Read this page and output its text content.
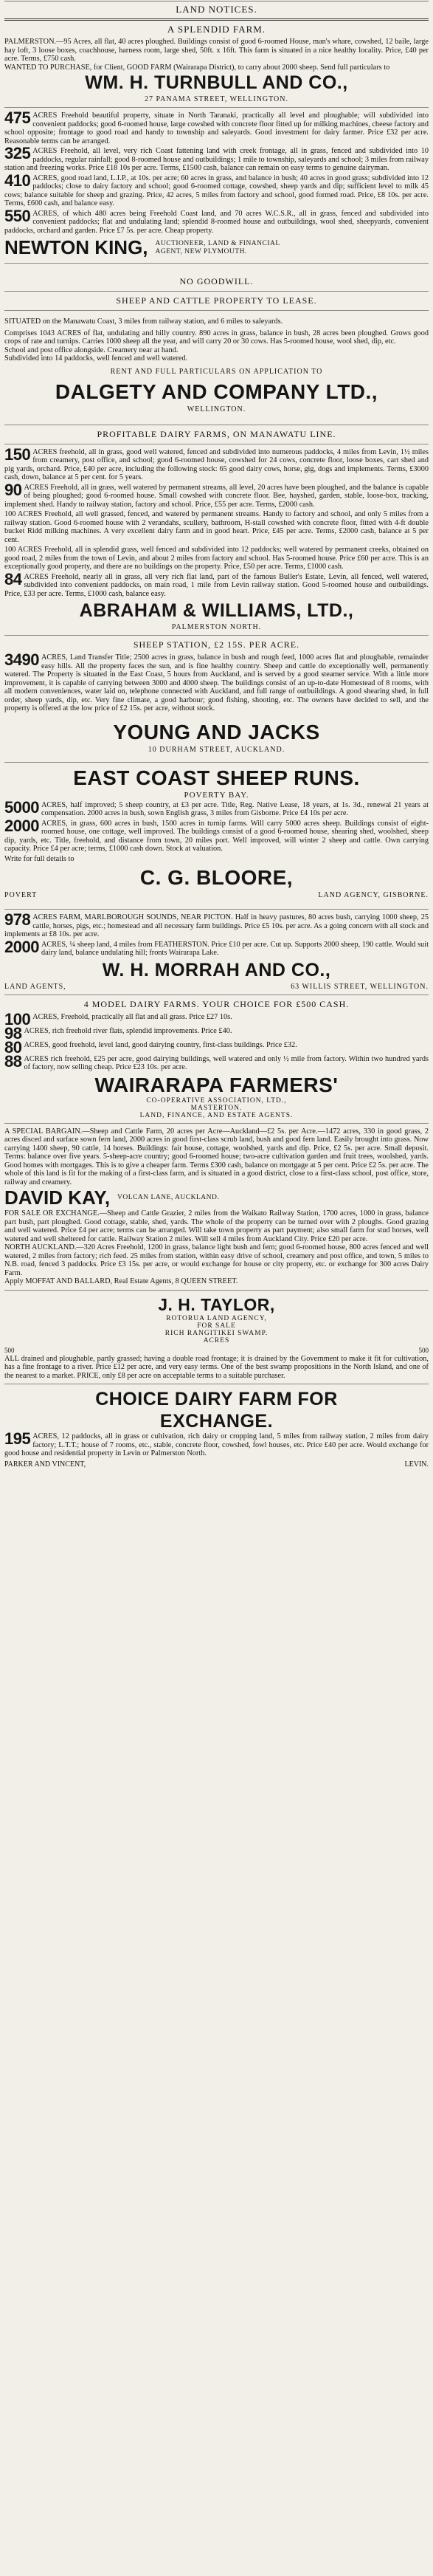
LAND NOTICES.
A SPLENDID FARM.

PALMERSTON.—95 Acres, all flat, 40 acres ploughed. Buildings consist of good 6-roomed House, man's whare, cowshed, 12 baile, large hay loft, 3 loose boxes, coachhouse, harness room, large shed, 50ft. x 16ft. This farm is situated in a nice healthy locality. Price, £40 per acre. Terms, £750 cash.

WANTED TO PURCHASE, for Client, GOOD FARM (Wairarapa District), to carry about 2000 sheep. Send full particulars to

WM. H. TURNBULL AND CO.,
27 PANAMA STREET, WELLINGTON.

475 ACRES Freehold beautiful property, situate in North Taranaki, practically all level and ploughable; will subdivided into convenient paddocks; good 6-roomed house, large cowshed with concrete floor fitted up for milking machines, cheese factory and school opposite; frontage to good road and handy to township and saleyards. Good investment for dairy farmer. Price £32 per acre. Reasonable terms can be arranged.

325 ACRES Freehold, all level, very rich Coast fattening land with creek frontage, all in grass, fenced and subdivided into 10 paddocks, regular rainfall; good 8-roomed house and outbuildings; 1 mile to township, saleyards and school; 3 miles from railway station and freezing works. Price £18 10s per acre. Terms, £1500 cash, balance can remain on easy terms to genuine dairyman.

410 ACRES, good road land, L.I.P., at 10s. per acre; 60 acres in grass, and balance in bush; 40 acres in good grass; subdivided into 12 paddocks; close to dairy factory and school; good 6-roomed cottage, cowshed, sheep yards and dip; sufficient level to milk 45 cows; balance suitable for sheep and grazing. Price, 42 acres, 5 miles from factory and school, good formed road. Price, £8 10s. per acre. Terms, £600 cash, and balance easy.

550 ACRES, of which 480 acres being Freehold Coast land, and 70 acres W.C.S.R., all in grass, fenced and subdivided into convenient paddocks; flat and undulating land; splendid 8-roomed house and outbuildings, wool shed, sheepyards, convenient paddocks, orchard and garden. Price £7 5s. per acre. Cheap property.

NEWTON KING, AUCTIONEER, LAND & FINANCIAL
AGENT, NEW PLYMOUTH.
NO GOODWILL.
SHEEP AND CATTLE PROPERTY TO LEASE.

SITUATED on the Manawatu Coast, 3 miles from railway station, and 6 miles to saleyards.

Comprises 1043 ACRES of flat, undulating and hilly country. 890 acres in grass, balance in bush, 28 acres been ploughed. Grows good crops of rate and turnips. Carries 1000 sheep all the year, and will carry 20 or 30 cows. Has 5-roomed house, wool shed, dip, etc.

School and post office alongside. Creamery near at hand.

Subdivided into 14 paddocks, well fenced and well watered.

RENT AND FULL PARTICULARS ON APPLICATION TO
DALGETY AND COMPANY LTD.,
WELLINGTON.
PROFITABLE DAIRY FARMS, ON MANAWATU LINE.

150 ACRES freehold, all in grass, good well watered, fenced and subdivided into numerous paddocks, 4 miles from Levin, 1½ miles from creamery, post office, and school; good 6-roomed house, cowshed for 24 cows, concrete floor, loose boxes, cart shed and pig yards, orchard. Price, £40 per acre, including the following stock: 65 good dairy cows, horse, gig, dogs and implements. Terms, £3000 cash, down, balance at 5 per cent. for 5 years.

90 ACRES Freehold, all in grass, well watered by permanent streams, all level, 20 acres have been ploughed, and the balance is capable of being ploughed; good 6-roomed house. Small cowshed with concrete floor. Bee, hayshed, garden, stable, loose-box, tracking, implement shed. Handy to railway station, factory and school. Price, £55 per acre. Terms, £2000 cash.

100 ACRES Freehold, all well grassed, fenced, and watered by permanent streams. Handy to factory and school, and only 5 miles from a railway station. Good 6-roomed house with 2 verandahs, scullery, bathroom, H-stall cowshed with concrete floor, fitted with 4-ft double bucket Ridd milking machines. A very excellent dairy farm and in good heart. Price, £45 per acre. Terms, £2000 cash, balance at 5 per cent.

100 ACRES Freehold, all in splendid grass, well fenced and subdivided into 12 paddocks; well watered by permanent creeks, obtained on good road, 2 miles from the town of Levin, and about 2 miles from factory and school. Has 5-roomed house. Price £60 per acre. This is an exceptionally good property, and there are no buildings on the property. Price, £50 per acre. Terms, £1000 cash.

84 ACRES Freehold, nearly all in grass, all very rich flat land, part of the famous Buller's Estate, Levin, all fenced, well watered, subdivided into convenient paddocks, on main road, 1 mile from Levin railway station. Good 5-roomed house and outbuildings. Price, £33 per acre. Terms, £1000 cash, balance easy.

ABRAHAM & WILLIAMS, LTD.,
PALMERSTON NORTH.
SHEEP STATION, £2 15S. PER ACRE.

3490 ACRES, Land Transfer Title; 2500 acres in grass, balance in bush and rough feed, 1000 acres flat and ploughable, remainder easy hills. All the property faces the sun, and is fine healthy country. Sheep and cattle do exceptionally well, permanently watered. The Property is situated in the East Coast, 5 hours from Auckland, and is served by a good steamer service. With a little more improvement, it is capable of carrying between 3000 and 4000 sheep. The buildings consist of an up-to-date Homestead of 8 rooms, with all modern conveniences, water laid on, telephone connected with Auckland, and full range of outbuildings. A good shearing shed, in full order, sheep yards, dip, etc. Very fine climate, a good harbour; good fishing, shooting, etc. The owners have decided to sell, and the property is offered at the low price of £2 15s. per acre, without stock.

YOUNG AND JACKS
10 DURHAM STREET, AUCKLAND.
EAST COAST SHEEP RUNS.
POVERTY BAY.

5000 ACRES, half improved; 5 sheep country, at £3 per acre. Title, Reg. Native Lease, 18 years, at 1s. 3d., renewal 21 years at compensation. 2000 acres in bush, sown English grass, 3 miles from Gisborne. Price £4 10s per acre.

2000 ACRES, in grass, 600 acres in bush, 1500 acres in turnip farms. Will carry 5000 acres sheep. Buildings consist of eight-roomed house, one cottage, well improved. The buildings consist of a good 6-roomed house, shearing shed, woolshed, sheep dip, yards, etc. Title, freehold, and distance from town, 20 miles port. Well improved, will winter 2 sheep and cattle. Own carrying capacity. Price £4 per acre; terms, £1000 cash down. Stock at valuation.

Write for full details to

C. G. BLOORE,
POVERT	LAND AGENCY, GISBORNE.

978 ACRES FARM, MARLBOROUGH SOUNDS, NEAR PICTON. Half in heavy pastures, 80 acres bush, carrying 1000 sheep, 25 cattle, horses, pigs, etc.; homestead and all necessary farm buildings. Price £5 10s. per acre. As a going concern with all stock and implements at £8 10s. per acre.

2000 ACRES, ¼ sheep land, 4 miles from FEATHERSTON. Price £10 per acre. Cut up. Supports 2000 sheep, 190 cattle. Would suit dairy land, balance undulating hill; fronts Wairarapa Lake.

W. H. MORRAH AND CO.,
LAND AGENTS,	63 WILLIS STREET, WELLINGTON.
4 MODEL DAIRY FARMS. YOUR CHOICE FOR £500 CASH.

100 ACRES, Freehold, practically all flat and all grass. Price £27 10s.

98 ACRES, rich freehold river flats, splendid improvements. Price £40.

80 ACRES, good freehold, level land, good dairying country, first-class buildings. Price £32.

88 ACRES rich freehold, £25 per acre, good dairying buildings, well watered and only ½ mile from factory. Within two hundred yards of factory, now selling cheap. Price £23 10s. per acre.

WAIRARAPA FARMERS'
CO-OPERATIVE ASSOCIATION, LTD.,
MASTERTON.
LAND, FINANCE, AND ESTATE AGENTS.

A SPECIAL BARGAIN.—Sheep and Cattle Farm, 20 acres per Acre—Auckland—£2 5s. per Acre.—1472 acres, 330 in good grass, 2 acres disced and surface sown fern land, 2000 acres in good first-class scrub land, bush and good fern land. Easily brought into grass. Now carrying 1400 sheep, 90 cattle, 14 horses. Buildings: fair house, cottage, woolshed, yards and dip. Price, £2 5s. per acre. Small deposit. Terms: balance over five years. 5-sheep-acre country; good 6-roomed house; two-acre cultivation garden and fruit trees, woolshed, yards. Good homes with mortgages. This is to give a cheaper farm. Terms £300 cash, balance on mortgage at 5 per cent. Price £2 5s. per acre. The whole of this land is fit for the making of a first-class farm, and is situated in a good district, close to a first-class school, post office, store, railway and creamery.

DAVID KAY, VOLCAN LANE, AUCKLAND.

FOR SALE OR EXCHANGE.—Sheep and Cattle Grazier, 2 miles from the Waikato Railway Station, 1700 acres, 1000 in grass, balance part bush, part ploughed. Good cottage, stable, shed, yards. The whole of the property can be turned over with 2 ploughs. Good grazing and well watered. Price £4 per acre; terms can be arranged. Will take town property as part payment; also small farm for stud horses, well watered and well sheltered for cattle. Railway Station 2 miles. Will sell 4 miles from Auckland City. Price £20 per acre.

NORTH AUCKLAND.—320 Acres Freehold, 1200 in grass, balance light bush and fern; good 6-roomed house, 800 acres fenced and well watered, 2 miles from factory; rich feed. 25 miles from station, within easy drive of school, creamery and post office, and town, 5 miles to N.B. road, fenced 3 paddocks. Price £3 15s. per acre, or would exchange for house or city property, etc. or exchange for 300 acres Dairy Farm.

Apply MOFFAT AND BALLARD, Real Estate Agents, 8 QUEEN STREET.

J. H. TAYLOR,
ROTORUA LAND AGENCY,
FOR SALE
RICH RANGITIKEI SWAMP.
ACRES
500	500

ALL drained and ploughable, partly grassed; having a double road frontage; it is drained by the Government to make it fit for cultivation, has a fine frontage to a river. Price £12 per acre, and very easy terms. One of the best swamp propositions in the North Island, and one of the nearest to a market. PRICE, only £8 per acre on acceptable terms to a suitable purchaser.

CHOICE DAIRY FARM FOR
EXCHANGE.

195 ACRES, 12 paddocks, all in grass or cultivation, rich dairy or cropping land, 5 miles from railway station, 2 miles from dairy factory; L.T.T.; house of 7 rooms, etc., stable, concrete floor, cowshed, fowl houses, etc. Price £40 per acre. Would exchange for good house and residential property in Levin or Palmerston North.

PARKER AND VINCENT,	LEVIN.
